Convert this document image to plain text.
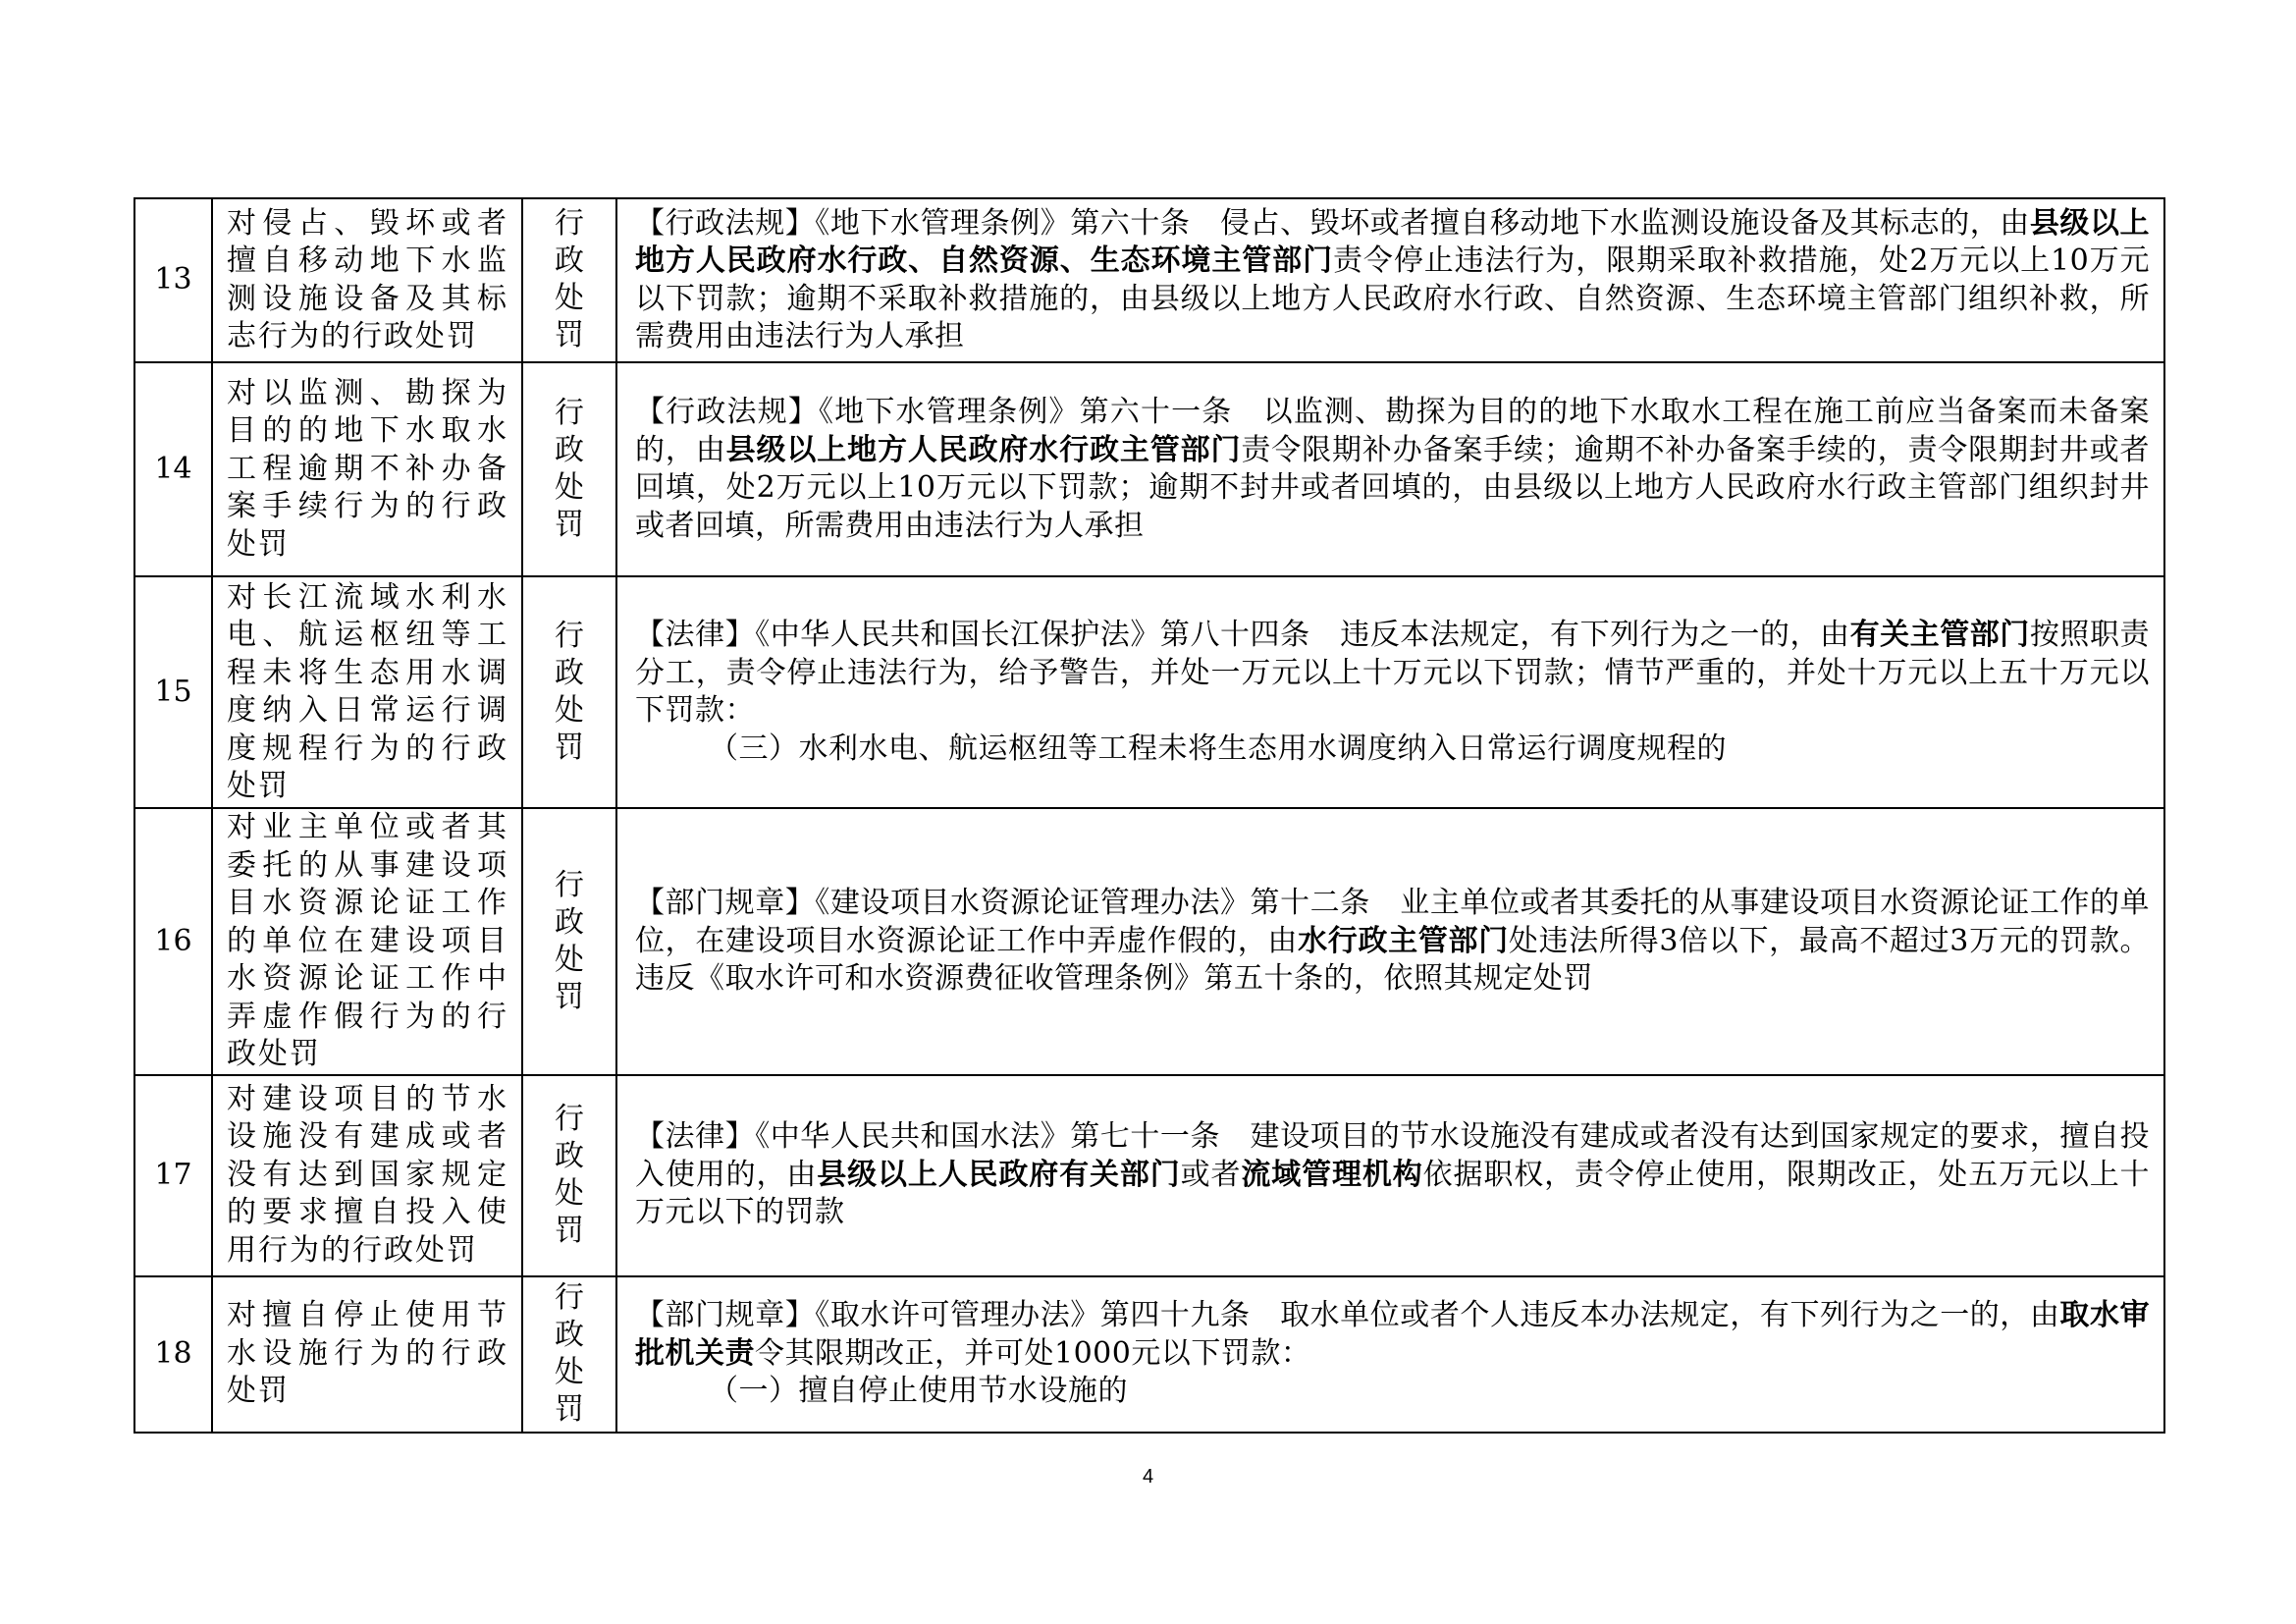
13	对侵占、毁坏或者擅自移动地下水监测设施设备及其标志行为的行政处罚	行政处罚	【行政法规】《地下水管理条例》第六十条　侵占、毁坏或者擅自移动地下水监测设施设备及其标志的，由县级以上地方人民政府水行政、自然资源、生态环境主管部门责令停止违法行为，限期采取补救措施，处2万元以上10万元以下罚款；逾期不采取补救措施的，由县级以上地方人民政府水行政、自然资源、生态环境主管部门组织补救，所需费用由违法行为人承担
14	对以监测、勘探为目的的地下水取水工程逾期不补办备案手续行为的行政处罚	行政处罚	【行政法规】《地下水管理条例》第六十一条　以监测、勘探为目的的地下水取水工程在施工前应当备案而未备案的，由县级以上地方人民政府水行政主管部门责令限期补办备案手续；逾期不补办备案手续的，责令限期封井或者回填，处2万元以上10万元以下罚款；逾期不封井或者回填的，由县级以上地方人民政府水行政主管部门组织封井或者回填，所需费用由违法行为人承担
15	对长江流域水利水电、航运枢纽等工程未将生态用水调度纳入日常运行调度规程行为的行政处罚	行政处罚	【法律】《中华人民共和国长江保护法》第八十四条　违反本法规定，有下列行为之一的，由有关主管部门按照职责分工，责令停止违法行为，给予警告，并处一万元以上十万元以下罚款；情节严重的，并处十万元以上五十万元以下罚款：
（三）水利水电、航运枢纽等工程未将生态用水调度纳入日常运行调度规程的

16	对业主单位或者其委托的从事建设项目水资源论证工作的单位在建设项目水资源论证工作中弄虚作假行为的行政处罚	行政处罚	【部门规章】《建设项目水资源论证管理办法》第十二条　业主单位或者其委托的从事建设项目水资源论证工作的单位，在建设项目水资源论证工作中弄虚作假的，由水行政主管部门处违法所得3倍以下，最高不超过3万元的罚款。违反《取水许可和水资源费征收管理条例》第五十条的，依照其规定处罚
17	对建设项目的节水设施没有建成或者没有达到国家规定的要求擅自投入使用行为的行政处罚	行政处罚	【法律】《中华人民共和国水法》第七十一条　建设项目的节水设施没有建成或者没有达到国家规定的要求，擅自投入使用的，由县级以上人民政府有关部门或者流域管理机构依据职权，责令停止使用，限期改正，处五万元以上十万元以下的罚款
18	对擅自停止使用节水设施行为的行政处罚	行政处罚	【部门规章】《取水许可管理办法》第四十九条　取水单位或者个人违反本办法规定，有下列行为之一的，由取水审批机关责令其限期改正，并可处1000元以下罚款：
（一）擅自停止使用节水设施的
4
